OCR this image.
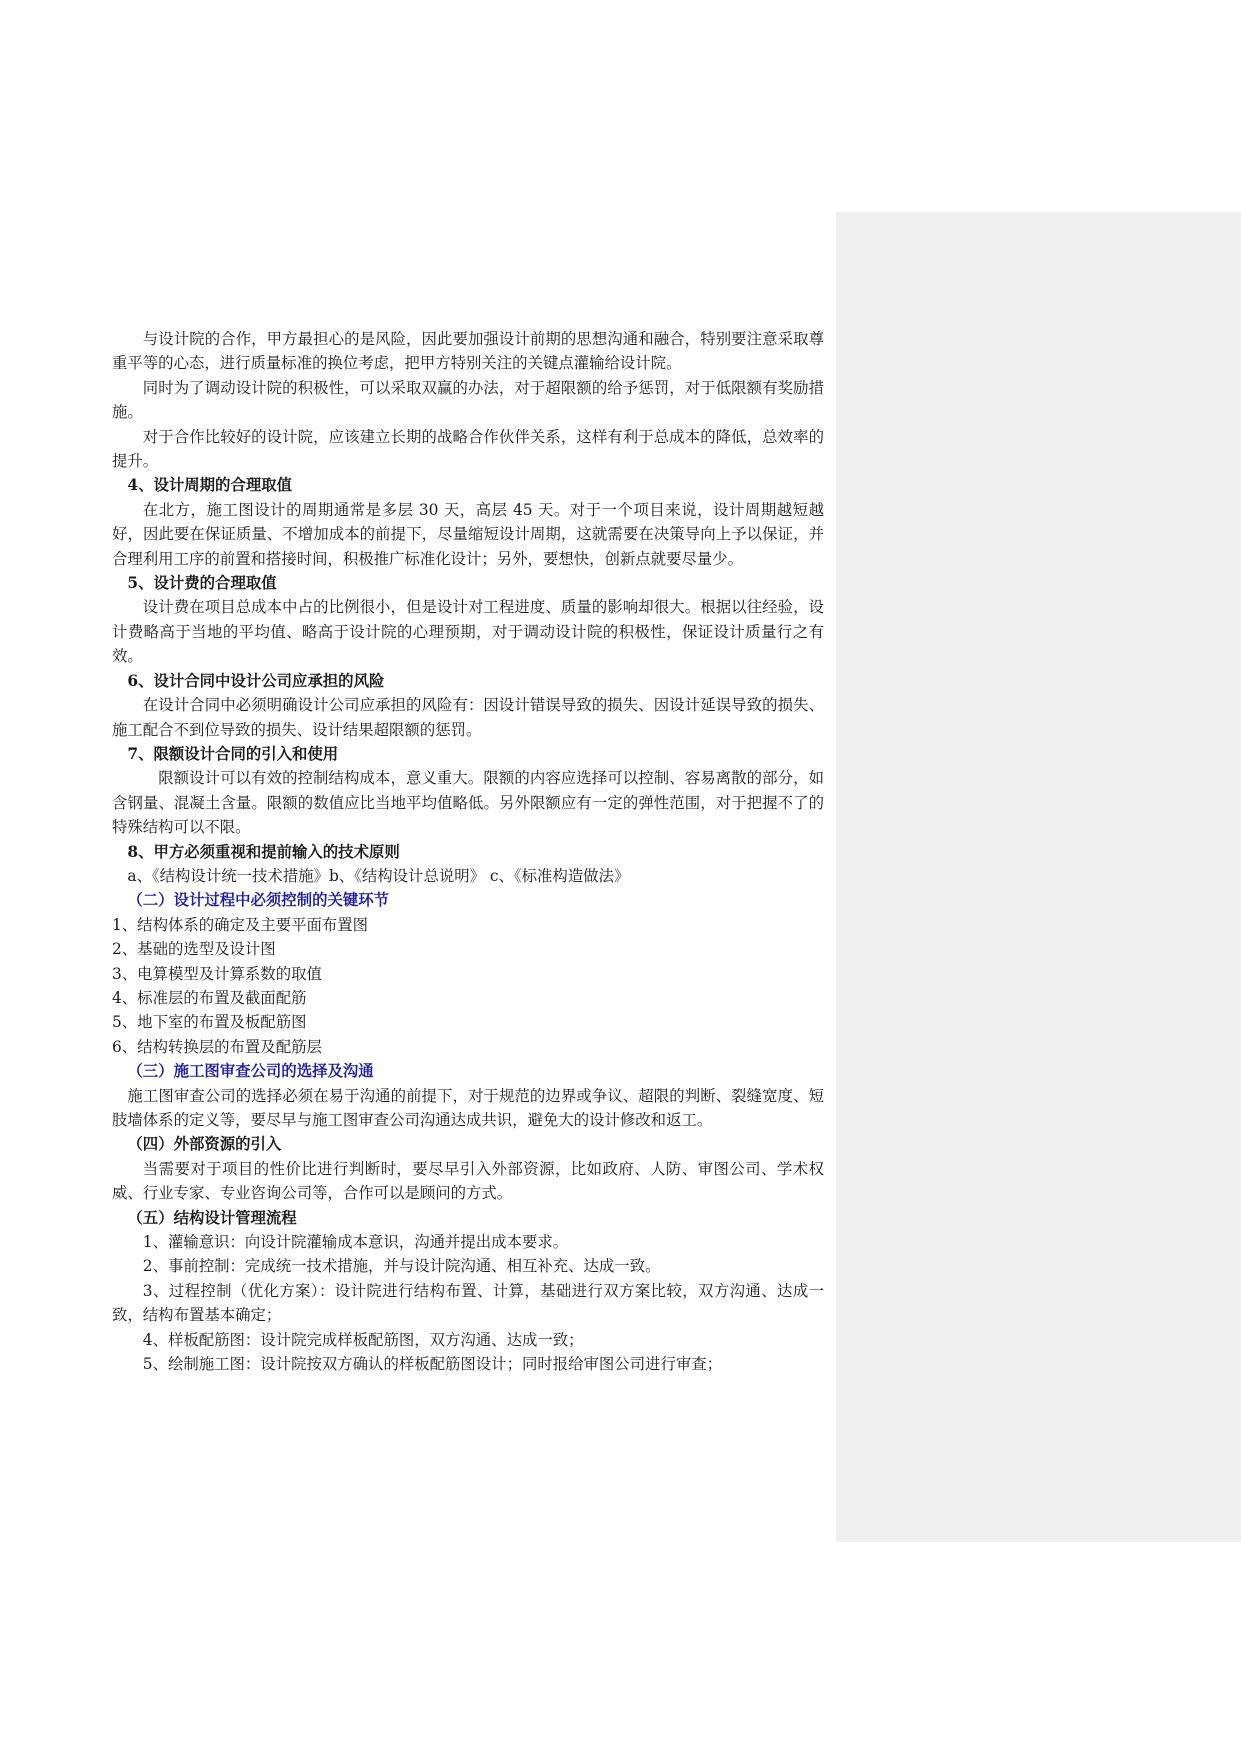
与设计院的合作，甲方最担心的是风险，因此要加强设计前期的思想沟通和融合，特别要注意采取尊重平等的心态，进行质量标准的换位考虑，把甲方特别关注的关键点灌输给设计院。

同时为了调动设计院的积极性，可以采取双赢的办法，对于超限额的给予惩罚，对于低限额有奖励措施。

对于合作比较好的设计院，应该建立长期的战略合作伙伴关系，这样有利于总成本的降低，总效率的提升。

4、设计周期的合理取值

在北方，施工图设计的周期通常是多层 30 天，高层 45 天。对于一个项目来说，设计周期越短越好，因此要在保证质量、不增加成本的前提下，尽量缩短设计周期，这就需要在决策导向上予以保证，并合理利用工序的前置和搭接时间，积极推广标准化设计；另外，要想快，创新点就要尽量少。

5、设计费的合理取值

设计费在项目总成本中占的比例很小，但是设计对工程进度、质量的影响却很大。根据以往经验，设计费略高于当地的平均值、略高于设计院的心理预期，对于调动设计院的积极性，保证设计质量行之有效。

6、设计合同中设计公司应承担的风险

在设计合同中必须明确设计公司应承担的风险有：因设计错误导致的损失、因设计延误导致的损失、施工配合不到位导致的损失、设计结果超限额的惩罚。

7、限额设计合同的引入和使用

限额设计可以有效的控制结构成本，意义重大。限额的内容应选择可以控制、容易离散的部分，如含钢量、混凝土含量。限额的数值应比当地平均值略低。另外限额应有一定的弹性范围，对于把握不了的特殊结构可以不限。

8、甲方必须重视和提前输入的技术原则

a、《结构设计统一技术措施》b、《结构设计总说明》 c、《标准构造做法》

（二）设计过程中必须控制的关键环节

1、结构体系的确定及主要平面布置图

2、基础的选型及设计图

3、电算模型及计算系数的取值

4、标准层的布置及截面配筋

5、地下室的布置及板配筋图

6、结构转换层的布置及配筋层

（三）施工图审查公司的选择及沟通

施工图审查公司的选择必须在易于沟通的前提下，对于规范的边界或争议、超限的判断、裂缝宽度、短肢墙体系的定义等，要尽早与施工图审查公司沟通达成共识，避免大的设计修改和返工。

（四）外部资源的引入

当需要对于项目的性价比进行判断时，要尽早引入外部资源，比如政府、人防、审图公司、学术权威、行业专家、专业咨询公司等，合作可以是顾问的方式。

（五）结构设计管理流程

1、灌输意识：向设计院灌输成本意识，沟通并提出成本要求。

2、事前控制：完成统一技术措施，并与设计院沟通、相互补充、达成一致。

3、过程控制（优化方案）：设计院进行结构布置、计算，基础进行双方案比较，双方沟通、达成一致，结构布置基本确定；

4、样板配筋图：设计院完成样板配筋图，双方沟通、达成一致；

5、绘制施工图：设计院按双方确认的样板配筋图设计；同时报给审图公司进行审查；
